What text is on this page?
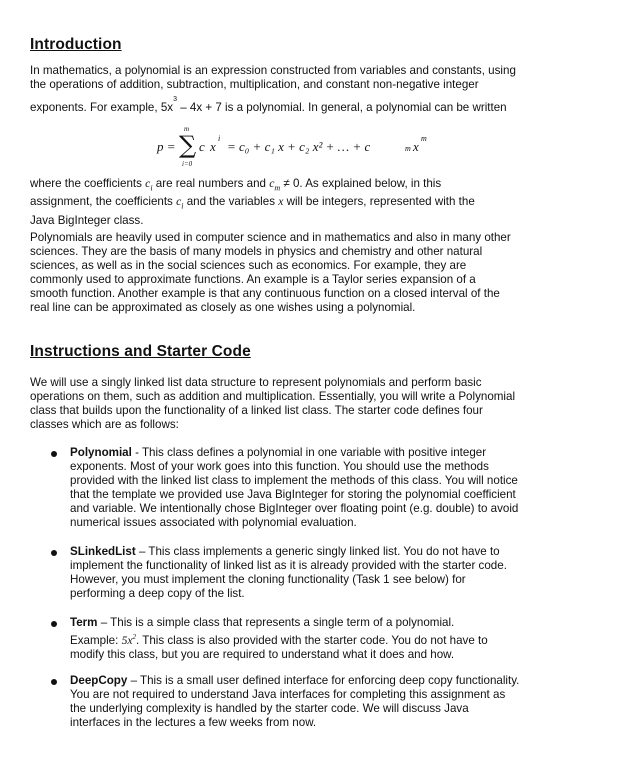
Introduction
In mathematics, a polynomial is an expression constructed from variables and constants, using
the operations of addition, subtraction, multiplication, and constant non-negative integer
exponents. For example, $5x^3 - 4x + 7$ is a polynomial. In general, a polynomial can be written
p =
m
∑
i=0
c x
i
= c₀ + c₁ x + c₂ x² + … + c	m x
m
where the coefficients $c_i$ are real numbers and $c_m \ne 0$. As explained below, in this
assignment, the coefficients $c_i$ and the variables x will be integers, represented with the
Java BigInteger class.
Polynomials are heavily used in computer science and in mathematics and also in many other
sciences. They are the basis of many models in physics and chemistry and other natural
sciences, as well as in the social sciences such as economics. For example, they are
commonly used to approximate functions. An example is a Taylor series expansion of a
smooth function. Another example is that any continuous function on a closed interval of the
real line can be approximated as closely as one wishes using a polynomial.
Instructions and Starter Code
We will use a singly linked list data structure to represent polynomials and perform basic
operations on them, such as addition and multiplication. Essentially, you will write a Polynomial
class that builds upon the functionality of a linked list class. The starter code defines four
classes which are as follows:
Polynomial - This class defines a polynomial in one variable with positive integer
exponents. Most of your work goes into this function. You should use the methods
provided with the linked list class to implement the methods of this class. You will notice
that the template we provided use Java BigInteger for storing the polynomial coefficient
and variable. We intentionally chose BigInteger over floating point (e.g. double) to avoid
numerical issues associated with polynomial evaluation.
SLinkedList – This class implements a generic singly linked list. You do not have to
implement the functionality of linked list as it is already provided with the starter code.
However, you must implement the cloning functionality (Task 1 see below) for
performing a deep copy of the list.
Term – This is a simple class that represents a single term of a polynomial.
Example: $5x^2$. This class is also provided with the starter code. You do not have to
modify this class, but you are required to understand what it does and how.
DeepCopy – This is a small user defined interface for enforcing deep copy functionality.
You are not required to understand Java interfaces for completing this assignment as
the underlying complexity is handled by the starter code. We will discuss Java
interfaces in the lectures a few weeks from now.
